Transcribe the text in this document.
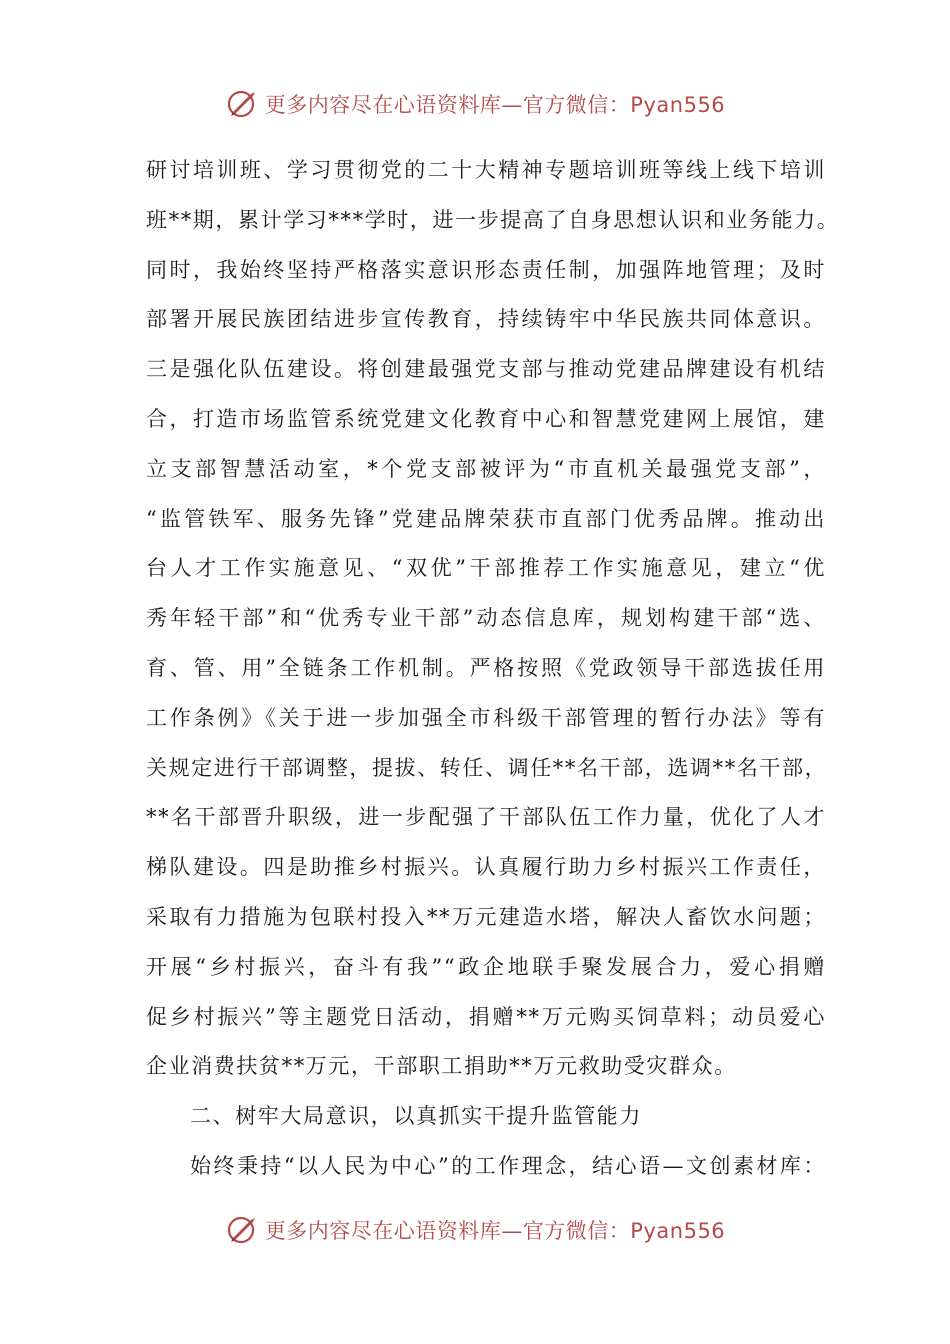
更多内容尽在心语资料库—官方微信：Pyan556
研讨培训班、学习贯彻党的二十大精神专题培训班等线上线下培训
班**期，累计学习***学时，进一步提高了自身思想认识和业务能力。
同时，我始终坚持严格落实意识形态责任制，加强阵地管理；及时
部署开展民族团结进步宣传教育，持续铸牢中华民族共同体意识。
三是强化队伍建设。将创建最强党支部与推动党建品牌建设有机结
合，打造市场监管系统党建文化教育中心和智慧党建网上展馆，建
立支部智慧活动室，*个党支部被评为“市直机关最强党支部”，
“监管铁军、服务先锋”党建品牌荣获市直部门优秀品牌。推动出
台人才工作实施意见、“双优”干部推荐工作实施意见，建立“优
秀年轻干部”和“优秀专业干部”动态信息库，规划构建干部“选、
育、管、用”全链条工作机制。严格按照《党政领导干部选拔任用
工作条例》《关于进一步加强全市科级干部管理的暂行办法》等有
关规定进行干部调整，提拔、转任、调任**名干部，选调**名干部，
**名干部晋升职级，进一步配强了干部队伍工作力量，优化了人才
梯队建设。四是助推乡村振兴。认真履行助力乡村振兴工作责任，
采取有力措施为包联村投入**万元建造水塔，解决人畜饮水问题；
开展“乡村振兴，奋斗有我”“政企地联手聚发展合力，爱心捐赠
促乡村振兴”等主题党日活动，捐赠**万元购买饲草料；动员爱心
企业消费扶贫**万元，干部职工捐助**万元救助受灾群众。
二、树牢大局意识，以真抓实干提升监管能力
始终秉持“以人民为中心”的工作理念，结心语—文创素材库：
更多内容尽在心语资料库—官方微信：Pyan556
